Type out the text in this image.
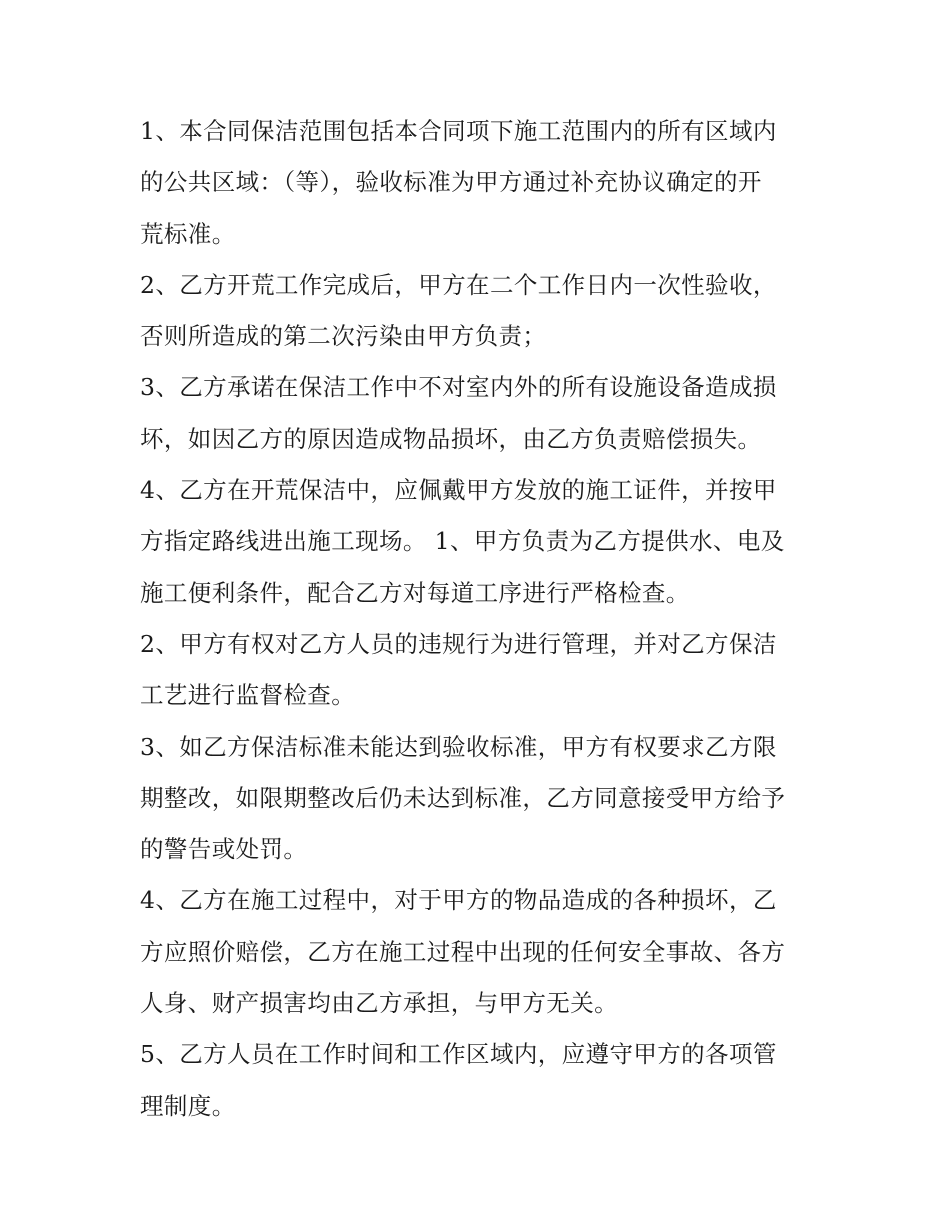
1、本合同保洁范围包括本合同项下施工范围内的所有区域内
的公共区域：（等），验收标准为甲方通过补充协议确定的开
荒标准。

2、乙方开荒工作完成后，甲方在二个工作日内一次性验收，
否则所造成的第二次污染由甲方负责；

3、乙方承诺在保洁工作中不对室内外的所有设施设备造成损
坏，如因乙方的原因造成物品损坏，由乙方负责赔偿损失。

4、乙方在开荒保洁中，应佩戴甲方发放的施工证件，并按甲
方指定路线进出施工现场。 1、甲方负责为乙方提供水、电及
施工便利条件，配合乙方对每道工序进行严格检查。

2、甲方有权对乙方人员的违规行为进行管理，并对乙方保洁
工艺进行监督检查。

3、如乙方保洁标准未能达到验收标准，甲方有权要求乙方限
期整改，如限期整改后仍未达到标准，乙方同意接受甲方给予
的警告或处罚。

4、乙方在施工过程中，对于甲方的物品造成的各种损坏，乙
方应照价赔偿，乙方在施工过程中出现的任何安全事故、各方
人身、财产损害均由乙方承担，与甲方无关。

5、乙方人员在工作时间和工作区域内，应遵守甲方的各项管
理制度。
